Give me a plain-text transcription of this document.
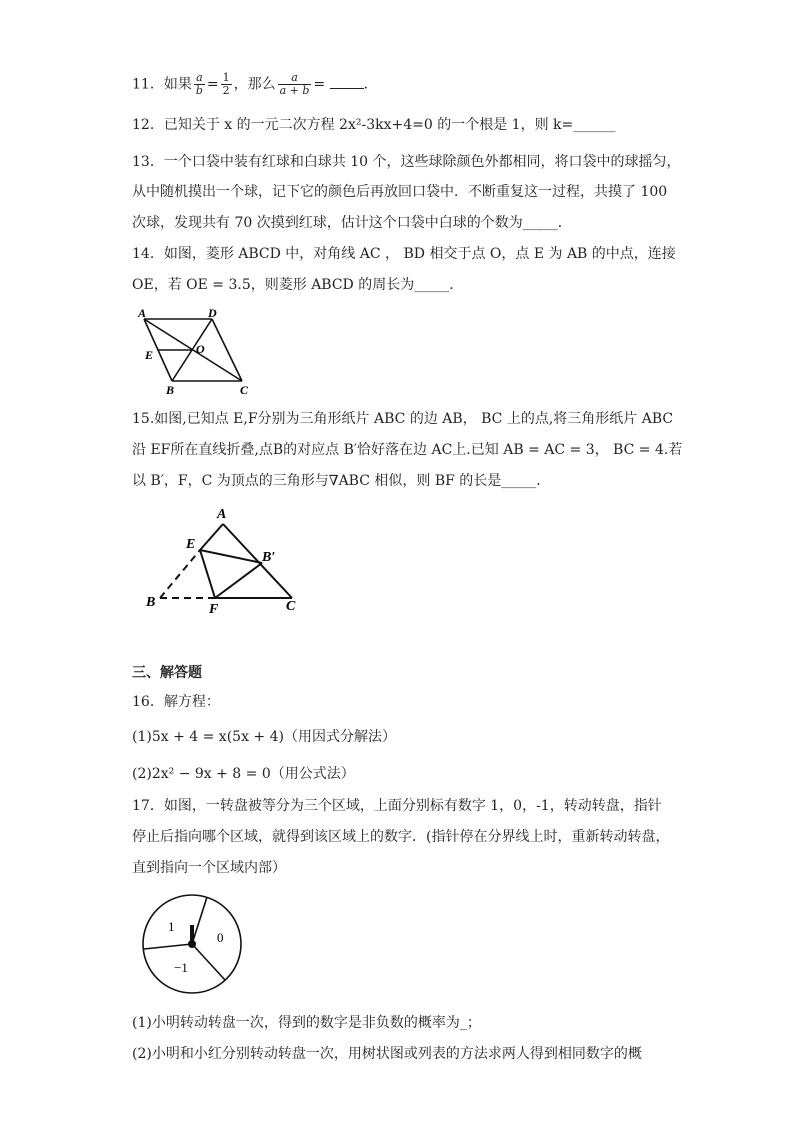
11．如果 $\frac{a}{b} = \frac{1}{2}$ ，那么 $\frac{a}{a + b}$ =	．
12．已知关于 x 的一元二次方程 2x²-3kx+4=0 的一个根是 1，则 k=______
13．一个口袋中装有红球和白球共 10 个，这些球除颜色外都相同，将口袋中的球摇匀，
从中随机摸出一个球，记下它的颜色后再放回口袋中．不断重复这一过程，共摸了 100
次球，发现共有 70 次摸到红球，估计这个口袋中白球的个数为_____．
14．如图，菱形 ABCD 中，对角线 AC ， BD 相交于点 O，点 E 为 AB 的中点，连接
OE，若 OE = 3.5，则菱形 ABCD 的周长为_____．
A	D
E	O
B	C
15.如图,已知点 E,F分别为三角形纸片 ABC 的边 AB， BC 上的点,将三角形纸片 ABC
沿 EF所在直线折叠,点B的对应点 B′恰好落在边 AC上.已知 AB = AC = 3， BC = 4.若
以 B′，F，C 为顶点的三角形与∇ABC 相似，则 BF 的长是_____．
A
E
B′
B	F	C
三、解答题
16．解方程：
(1)5x + 4 = x(5x + 4)（用因式分解法）
(2)2x² − 9x + 8 = 0（用公式法）
17．如图，一转盘被等分为三个区域，上面分别标有数字 1，0，-1，转动转盘，指针
停止后指向哪个区域，就得到该区域上的数字．(指针停在分界线上时，重新转动转盘，
直到指向一个区域内部）
1
0
−1
(1)小明转动转盘一次，得到的数字是非负数的概率为_；
(2)小明和小红分别转动转盘一次，用树状图或列表的方法求两人得到相同数字的概
